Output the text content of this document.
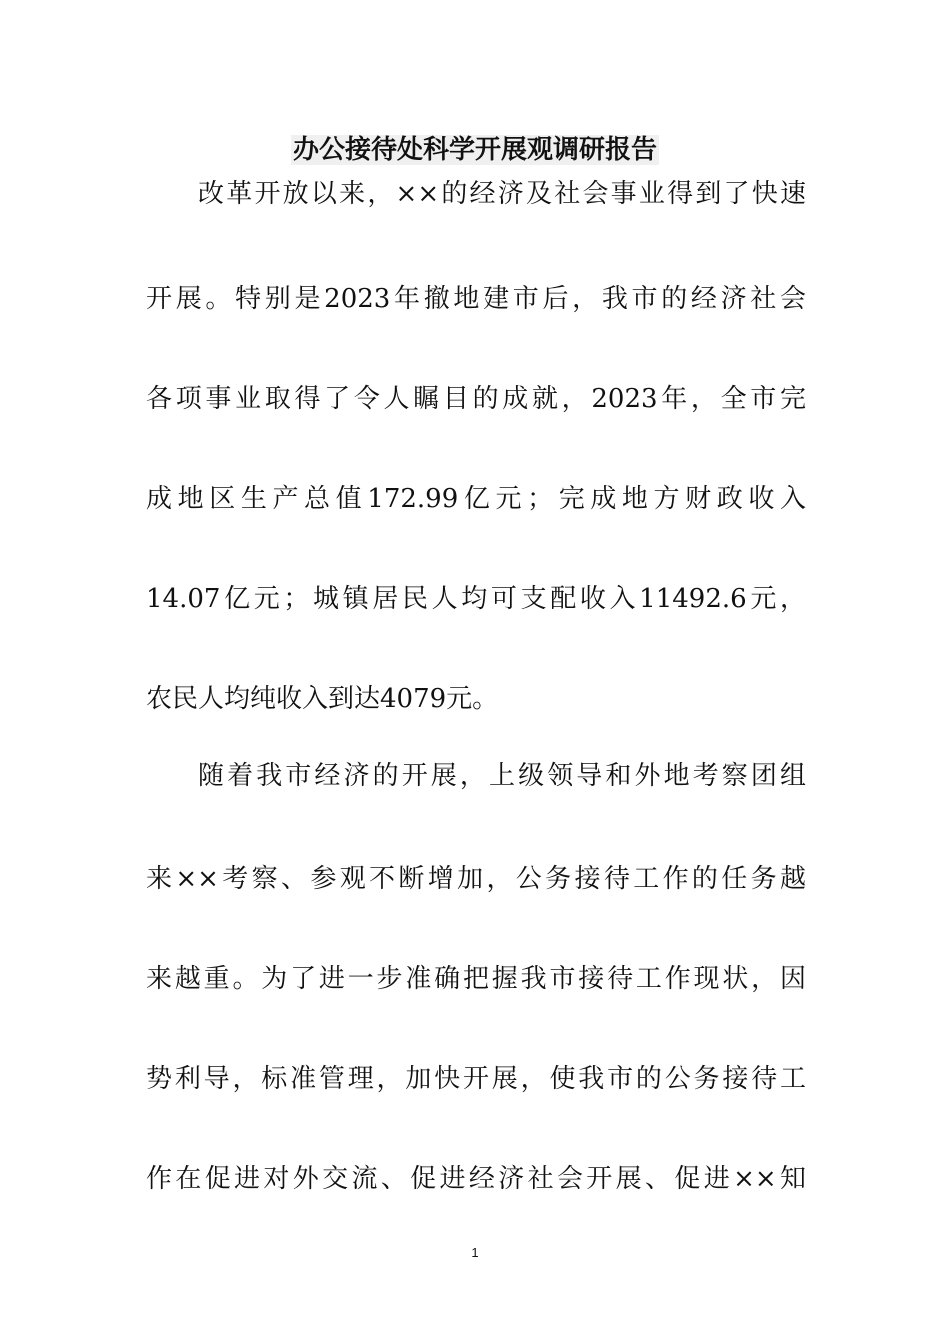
办公接待处科学开展观调研报告

改革开放以来，××的经济及社会事业得到了快速

开展。特别是2023年撤地建市后，我市的经济社会

各项事业取得了令人瞩目的成就，2023年，全市完

成地区生产总值172.99亿元；完成地方财政收入

14.07亿元；城镇居民人均可支配收入11492.6元，

农民人均纯收入到达4079元。

随着我市经济的开展，上级领导和外地考察团组

来××考察、参观不断增加，公务接待工作的任务越

来越重。为了进一步准确把握我市接待工作现状，因

势利导，标准管理，加快开展，使我市的公务接待工

作在促进对外交流、促进经济社会开展、促进××知

1
